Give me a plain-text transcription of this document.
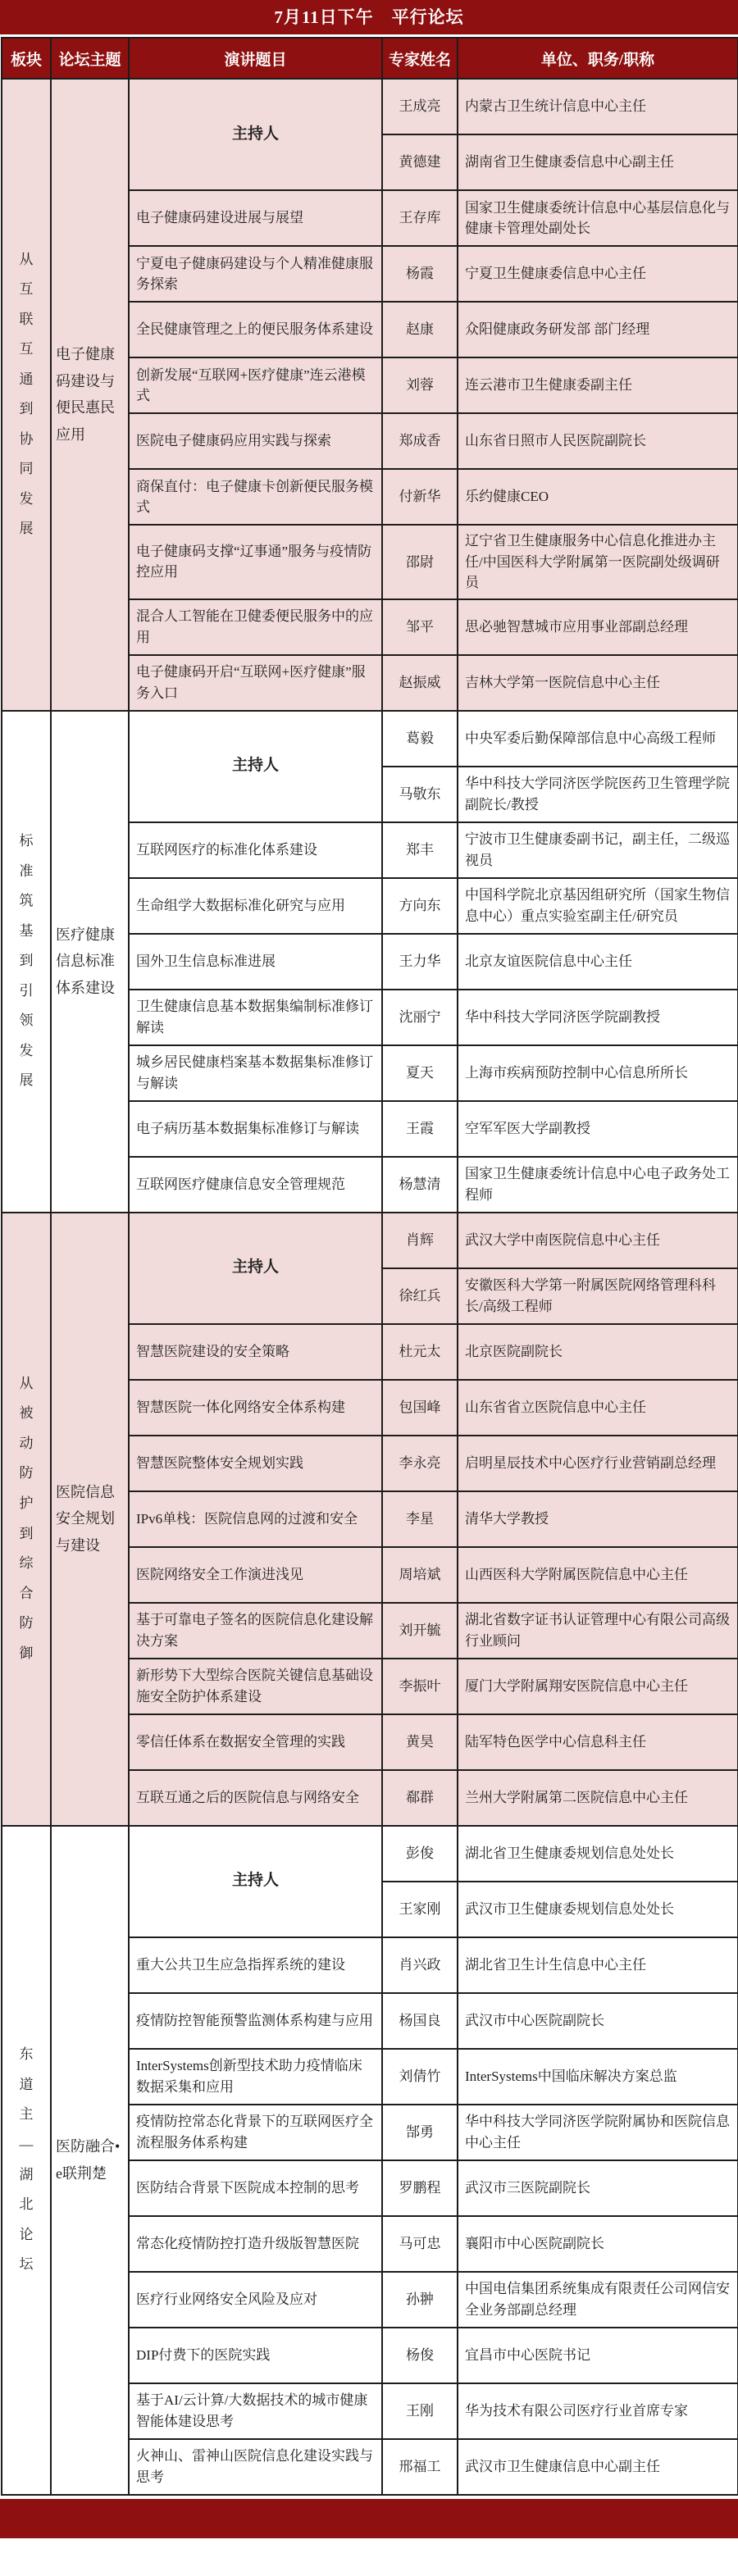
7月11日下午　平行论坛
板块	论坛主题	演讲题目	专家姓名	单位、职务/职称

从互联互通到协同发展	电子健康码建设与便民惠民应用	主持人	王成亮	内蒙古卫生统计信息中心主任
			黄德建	湖南省卫生健康委信息中心副主任
		电子健康码建设进展与展望	王存库	国家卫生健康委统计信息中心基层信息化与健康卡管理处副处长
		宁夏电子健康码建设与个人精准健康服务探索	杨霞	宁夏卫生健康委信息中心主任
		全民健康管理之上的便民服务体系建设	赵康	众阳健康政务研发部 部门经理
		创新发展“互联网+医疗健康”连云港模式	刘蓉	连云港市卫生健康委副主任
		医院电子健康码应用实践与探索	郑成香	山东省日照市人民医院副院长
		商保直付：电子健康卡创新便民服务模式	付新华	乐约健康CEO
		电子健康码支撑“辽事通”服务与疫情防控应用	邵尉	辽宁省卫生健康服务中心信息化推进办主任/中国医科大学附属第一医院副处级调研员
		混合人工智能在卫健委便民服务中的应用	邹平	思必驰智慧城市应用事业部副总经理
		电子健康码开启“互联网+医疗健康”服务入口	赵振威	吉林大学第一医院信息中心主任

标准筑基到引领发展	医疗健康信息标准体系建设	主持人	葛毅	中央军委后勤保障部信息中心高级工程师
			马敬东	华中科技大学同济医学院医药卫生管理学院副院长/教授
		互联网医疗的标准化体系建设	郑丰	宁波市卫生健康委副书记，副主任，二级巡视员
		生命组学大数据标准化研究与应用	方向东	中国科学院北京基因组研究所（国家生物信息中心）重点实验室副主任/研究员
		国外卫生信息标准进展	王力华	北京友谊医院信息中心主任
		卫生健康信息基本数据集编制标准修订解读	沈丽宁	华中科技大学同济医学院副教授
		城乡居民健康档案基本数据集标准修订与解读	夏天	上海市疾病预防控制中心信息所所长
		电子病历基本数据集标准修订与解读	王霞	空军军医大学副教授
		互联网医疗健康信息安全管理规范	杨慧清	国家卫生健康委统计信息中心电子政务处工程师

从被动防护到综合防御	医院信息安全规划与建设	主持人	肖辉	武汉大学中南医院信息中心主任
			徐红兵	安徽医科大学第一附属医院网络管理科科长/高级工程师
		智慧医院建设的安全策略	杜元太	北京医院副院长
		智慧医院一体化网络安全体系构建	包国峰	山东省省立医院信息中心主任
		智慧医院整体安全规划实践	李永亮	启明星辰技术中心医疗行业营销副总经理
		IPv6单栈：医院信息网的过渡和安全	李星	清华大学教授
		医院网络安全工作演进浅见	周培斌	山西医科大学附属医院信息中心主任
		基于可靠电子签名的医院信息化建设解决方案	刘开毓	湖北省数字证书认证管理中心有限公司高级行业顾问
		新形势下大型综合医院关键信息基础设施安全防护体系建设	李振叶	厦门大学附属翔安医院信息中心主任
		零信任体系在数据安全管理的实践	黄昊	陆军特色医学中心信息科主任
		互联互通之后的医院信息与网络安全	郗群	兰州大学附属第二医院信息中心主任

东道主—湖北论坛	医防融合•e联荆楚	主持人	彭俊	湖北省卫生健康委规划信息处处长
			王家刚	武汉市卫生健康委规划信息处处长
		重大公共卫生应急指挥系统的建设	肖兴政	湖北省卫生计生信息中心主任
		疫情防控智能预警监测体系构建与应用	杨国良	武汉市中心医院副院长
		InterSystems创新型技术助力疫情临床数据采集和应用	刘倩竹	InterSystems中国临床解决方案总监
		疫情防控常态化背景下的互联网医疗全流程服务体系构建	郜勇	华中科技大学同济医学院附属协和医院信息中心主任
		医防结合背景下医院成本控制的思考	罗鹏程	武汉市三医院副院长
		常态化疫情防控打造升级版智慧医院	马可忠	襄阳市中心医院副院长
		医疗行业网络安全风险及应对	孙翀	中国电信集团系统集成有限责任公司网信安全业务部副总经理
		DIP付费下的医院实践	杨俊	宜昌市中心医院书记
		基于AI/云计算/大数据技术的城市健康智能体建设思考	王刚	华为技术有限公司医疗行业首席专家
		火神山、雷神山医院信息化建设实践与思考	邢福工	武汉市卫生健康信息中心副主任
